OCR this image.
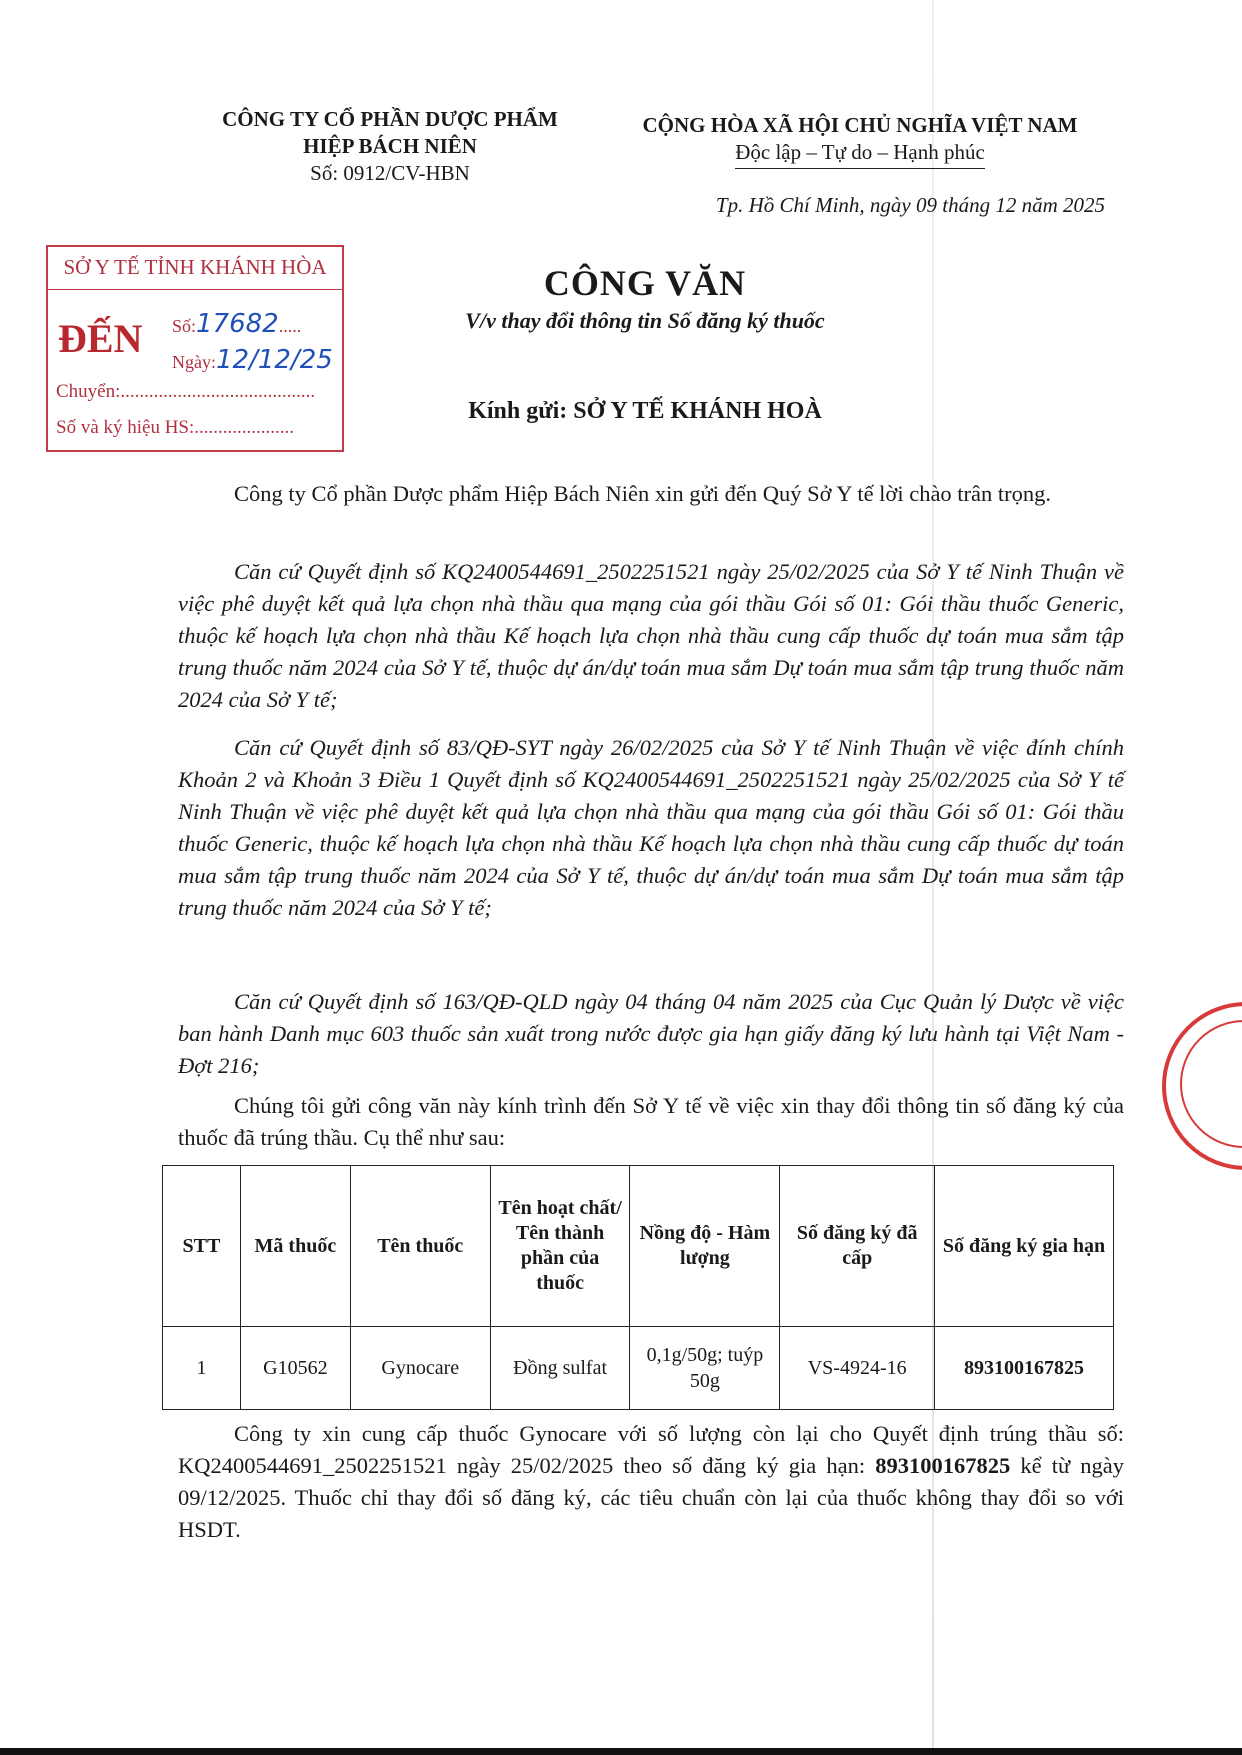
CÔNG TY CỔ PHẦN DƯỢC PHẨM
HIỆP BÁCH NIÊN
Số: 0912/CV-HBN
CỘNG HÒA XÃ HỘI CHỦ NGHĨA VIỆT NAM
Độc lập – Tự do – Hạnh phúc
Tp. Hồ Chí Minh, ngày 09 tháng 12 năm 2025
SỞ Y TẾ TỈNH KHÁNH HÒA
ĐẾN Số:17682.....
Ngày:12/12/25
Chuyển:.........................................
Số và ký hiệu HS:.....................
CÔNG VĂN
V/v thay đổi thông tin Số đăng ký thuốc
Kính gửi: SỞ Y TẾ KHÁNH HOÀ
Công ty Cổ phần Dược phẩm Hiệp Bách Niên xin gửi đến Quý Sở Y tế lời chào trân trọng.
Căn cứ Quyết định số KQ2400544691_2502251521 ngày 25/02/2025 của Sở Y tế Ninh Thuận về việc phê duyệt kết quả lựa chọn nhà thầu qua mạng của gói thầu Gói số 01: Gói thầu thuốc Generic, thuộc kế hoạch lựa chọn nhà thầu Kế hoạch lựa chọn nhà thầu cung cấp thuốc dự toán mua sắm tập trung thuốc năm 2024 của Sở Y tế, thuộc dự án/dự toán mua sắm Dự toán mua sắm tập trung thuốc năm 2024 của Sở Y tế;
Căn cứ Quyết định số 83/QĐ-SYT ngày 26/02/2025 của Sở Y tế Ninh Thuận về việc đính chính Khoản 2 và Khoản 3 Điều 1 Quyết định số KQ2400544691_2502251521 ngày 25/02/2025 của Sở Y tế Ninh Thuận về việc phê duyệt kết quả lựa chọn nhà thầu qua mạng của gói thầu Gói số 01: Gói thầu thuốc Generic, thuộc kế hoạch lựa chọn nhà thầu Kế hoạch lựa chọn nhà thầu cung cấp thuốc dự toán mua sắm tập trung thuốc năm 2024 của Sở Y tế, thuộc dự án/dự toán mua sắm Dự toán mua sắm tập trung thuốc năm 2024 của Sở Y tế;
Căn cứ Quyết định số 163/QĐ-QLD ngày 04 tháng 04 năm 2025 của Cục Quản lý Dược về việc ban hành Danh mục 603 thuốc sản xuất trong nước được gia hạn giấy đăng ký lưu hành tại Việt Nam - Đợt 216;
Chúng tôi gửi công văn này kính trình đến Sở Y tế về việc xin thay đổi thông tin số đăng ký của thuốc đã trúng thầu. Cụ thể như sau:
STT	Mã thuốc	Tên thuốc	Tên hoạt chất/ Tên thành phần của thuốc	Nồng độ - Hàm lượng	Số đăng ký đã cấp	Số đăng ký gia hạn
1	G10562	Gynocare	Đồng sulfat	0,1g/50g; tuýp 50g	VS-4924-16	893100167825
Công ty xin cung cấp thuốc Gynocare với số lượng còn lại cho Quyết định trúng thầu số: KQ2400544691_2502251521 ngày 25/02/2025 theo số đăng ký gia hạn: 893100167825 kể từ ngày 09/12/2025. Thuốc chỉ thay đổi số đăng ký, các tiêu chuẩn còn lại của thuốc không thay đổi so với HSDT.
